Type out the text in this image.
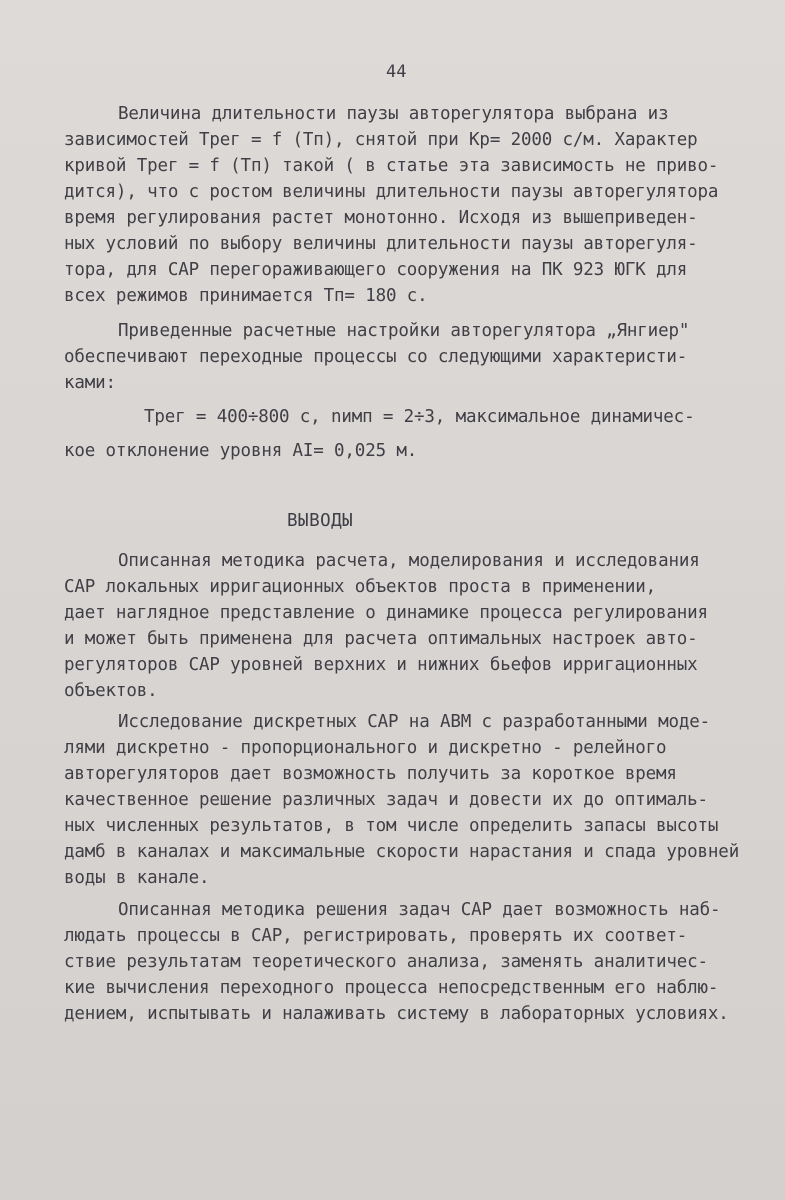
44
Величина длительности паузы авторегулятора выбрана из
зависимостей Tрег = f (Tп), снятой при Kр= 2000 с/м. Характер
кривой Tрег = f (Tп) такой ( в статье эта зависимость не приво-
дится), что с ростом величины длительности паузы авторегулятора
время регулирования растет монотонно. Исходя из вышеприведен-
ных условий по выбору величины длительности паузы авторегуля-
тора, для САР перегораживающего сооружения на ПК 923 ЮГК для
всех режимов принимается Tп= 180 с.
Приведенные расчетные настройки авторегулятора „Янгиер"
обеспечивают переходные процессы со следующими характеристи-
ками:
Tрег = 400÷800 с, nимп = 2÷3, максимальное динамичес-
кое отклонение уровня AI= 0,025 м.
ВЫВОДЫ
Описанная методика расчета, моделирования и исследования
САР локальных ирригационных объектов проста в применении,
дает наглядное представление о динамике процесса регулирования
и может быть применена для расчета оптимальных настроек авто-
регуляторов САР уровней верхних и нижних бьефов ирригационных
объектов.
Исследование дискретных САР на АВМ с разработанными моде-
лями дискретно - пропорционального и дискретно - релейного
авторегуляторов дает возможность получить за короткое время
качественное решение различных задач и довести их до оптималь-
ных численных результатов, в том числе определить запасы высоты
дамб в каналах и максимальные скорости нарастания и спада уровней
воды в канале.
Описанная методика решения задач САР дает возможность наб-
людать процессы в САР, регистрировать, проверять их соответ-
ствие результатам теоретического анализа, заменять аналитичес-
кие вычисления переходного процесса непосредственным его наблю-
дением, испытывать и налаживать систему в лабораторных условиях.
